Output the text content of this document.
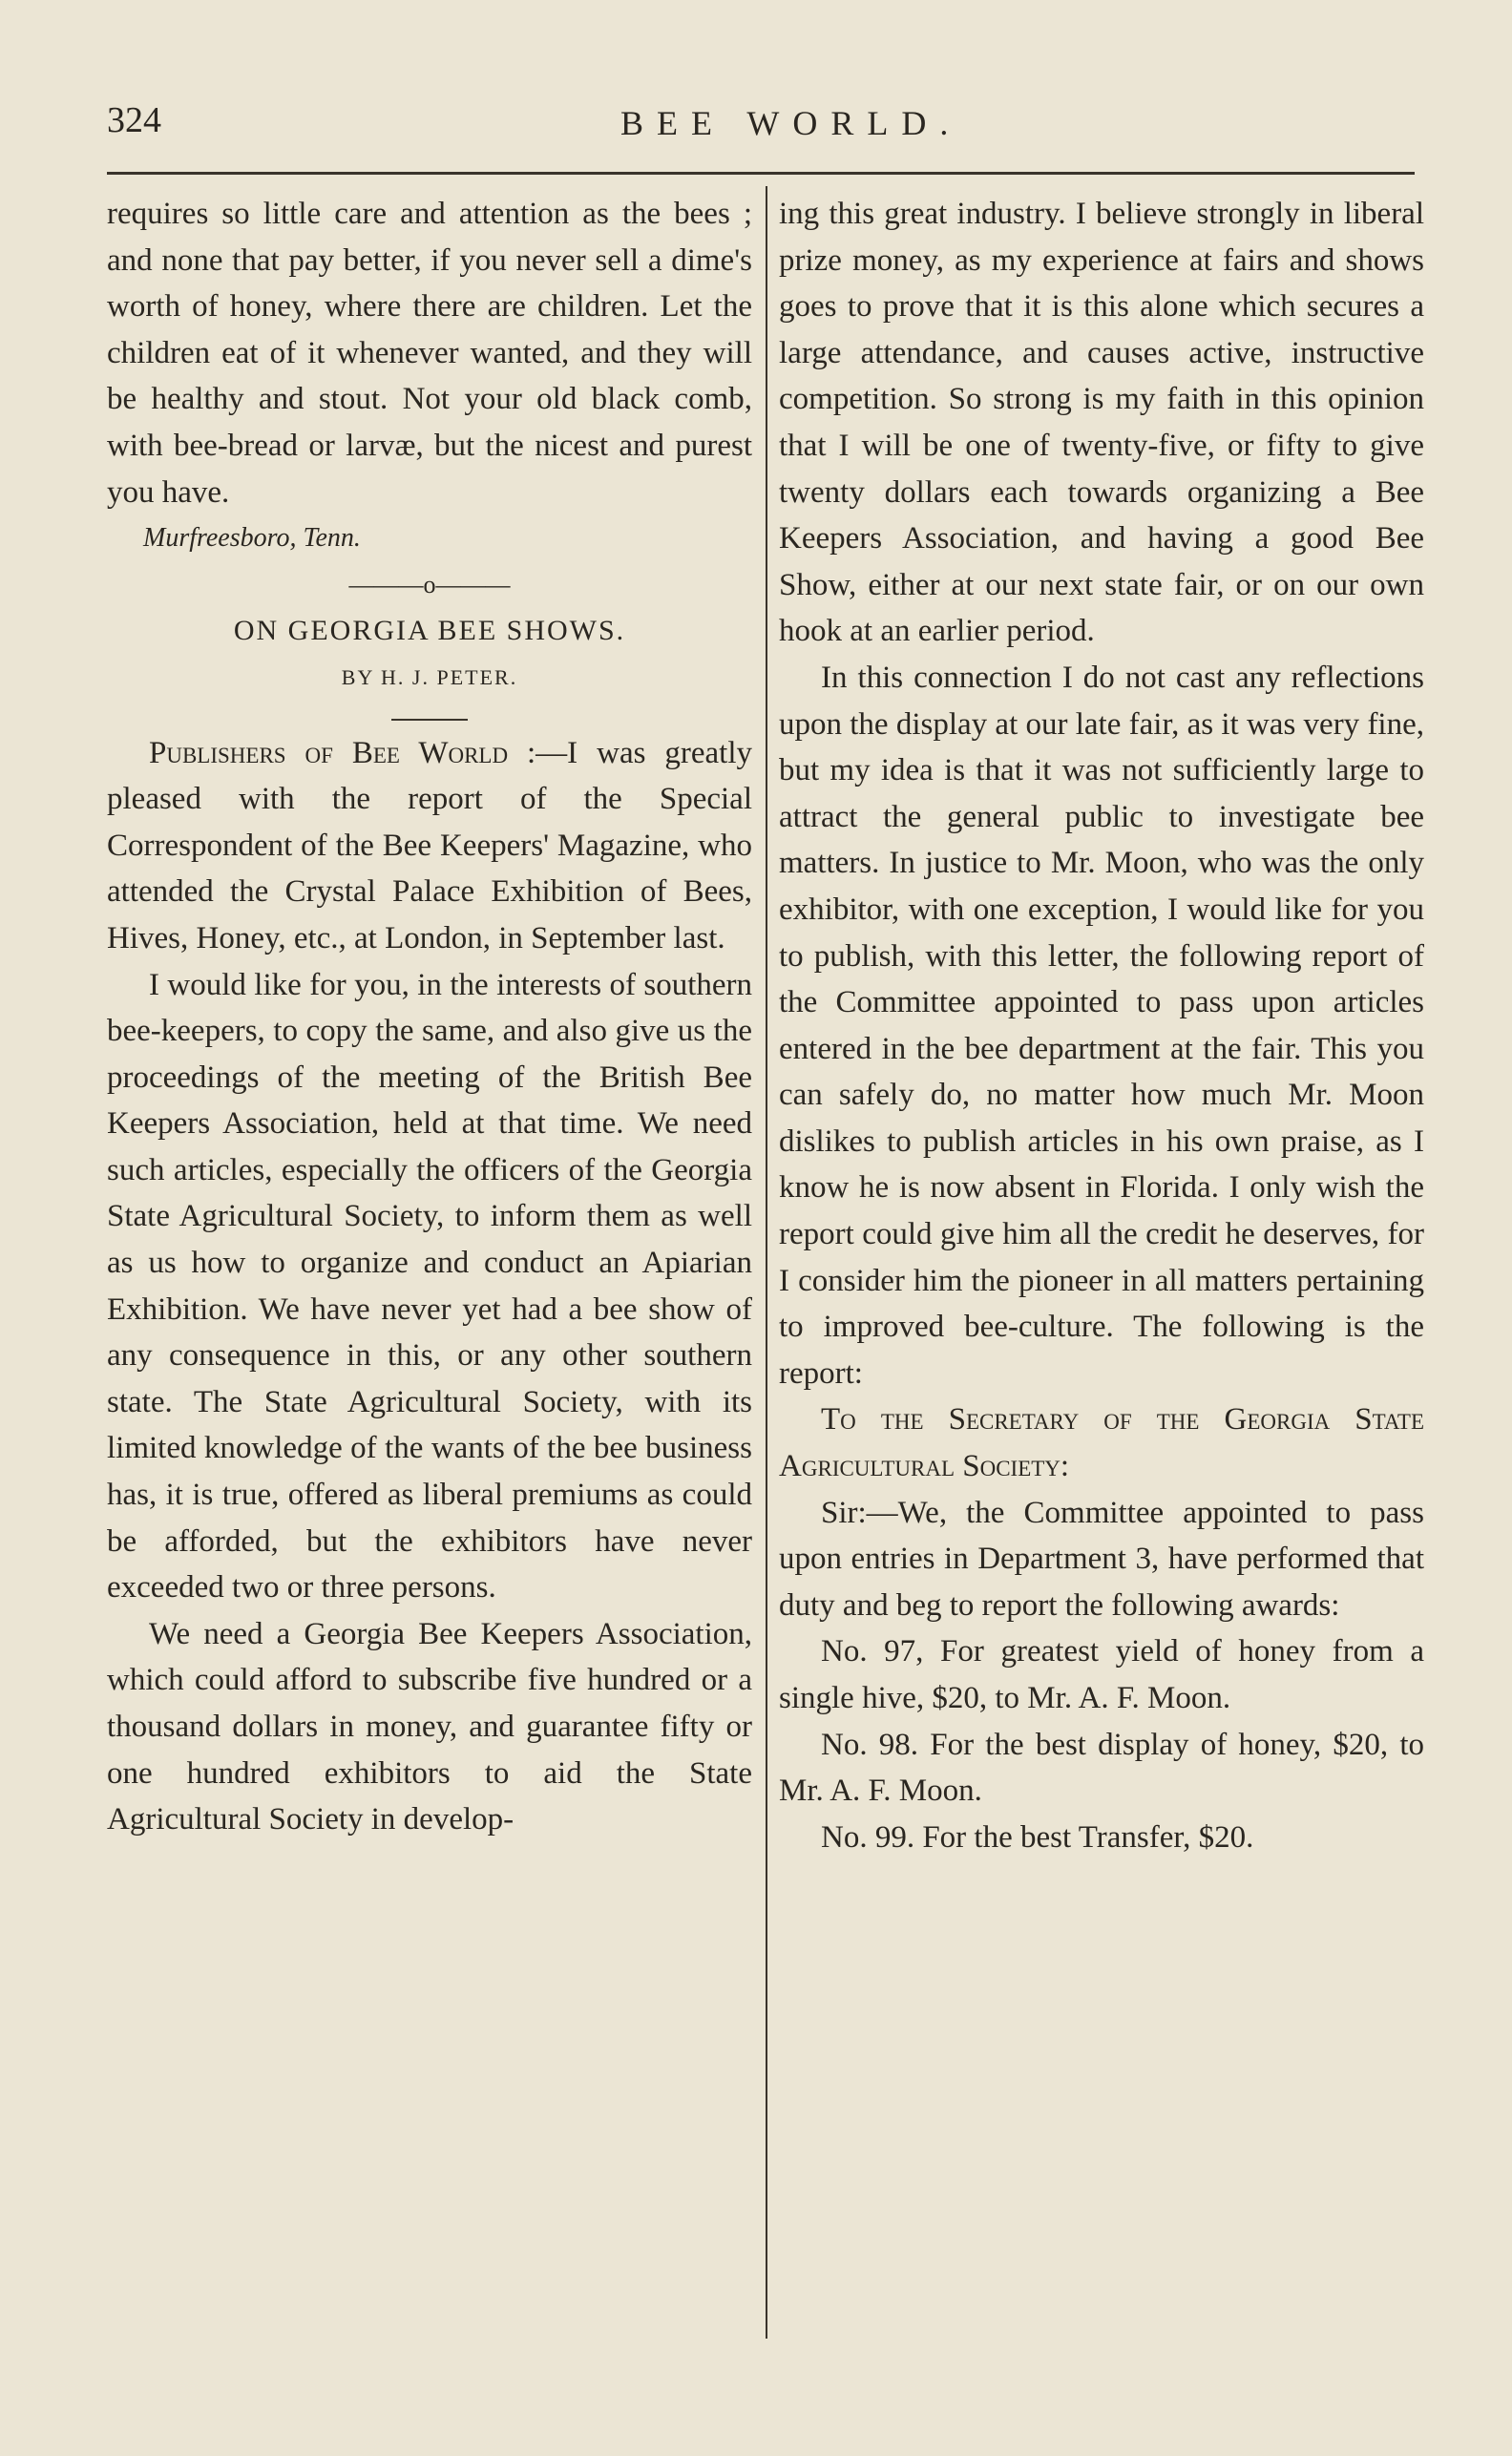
324	BEE WORLD.

requires so little care and attention as the bees ; and none that pay better, if you never sell a dime's worth of honey, where there are children. Let the children eat of it whenever wanted, and they will be healthy and stout. Not your old black comb, with bee-bread or larvæ, but the nicest and purest you have.

Murfreesboro, Tenn.

———o———

ON GEORGIA BEE SHOWS.

BY H. J. PETER.

Publishers of Bee World :—I was greatly pleased with the report of the Special Correspondent of the Bee Keepers' Magazine, who attended the Crystal Palace Exhibition of Bees, Hives, Honey, etc., at London, in September last.

I would like for you, in the interests of southern bee-keepers, to copy the same, and also give us the proceedings of the meeting of the British Bee Keepers Association, held at that time. We need such articles, especially the officers of the Georgia State Agricultural Society, to inform them as well as us how to organize and conduct an Apiarian Exhibition. We have never yet had a bee show of any consequence in this, or any other southern state. The State Agricultural Society, with its limited knowledge of the wants of the bee business has, it is true, offered as liberal premiums as could be afforded, but the exhibitors have never exceeded two or three persons.

We need a Georgia Bee Keepers Association, which could afford to subscribe five hundred or a thousand dollars in money, and guarantee fifty or one hundred exhibitors to aid the State Agricultural Society in develop-

ing this great industry. I believe strongly in liberal prize money, as my experience at fairs and shows goes to prove that it is this alone which secures a large attendance, and causes active, instructive competition. So strong is my faith in this opinion that I will be one of twenty-five, or fifty to give twenty dollars each towards organizing a Bee Keepers Association, and having a good Bee Show, either at our next state fair, or on our own hook at an earlier period.

In this connection I do not cast any reflections upon the display at our late fair, as it was very fine, but my idea is that it was not sufficiently large to attract the general public to investigate bee matters. In justice to Mr. Moon, who was the only exhibitor, with one exception, I would like for you to publish, with this letter, the following report of the Committee appointed to pass upon articles entered in the bee department at the fair. This you can safely do, no matter how much Mr. Moon dislikes to publish articles in his own praise, as I know he is now absent in Florida. I only wish the report could give him all the credit he deserves, for I consider him the pioneer in all matters pertaining to improved bee-culture. The following is the report:

To the Secretary of the Georgia State Agricultural Society:

Sir:—We, the Committee appointed to pass upon entries in Department 3, have performed that duty and beg to report the following awards:

No. 97, For greatest yield of honey from a single hive, $20, to Mr. A. F. Moon.

No. 98. For the best display of honey, $20, to Mr. A. F. Moon.

No. 99. For the best Transfer, $20.
